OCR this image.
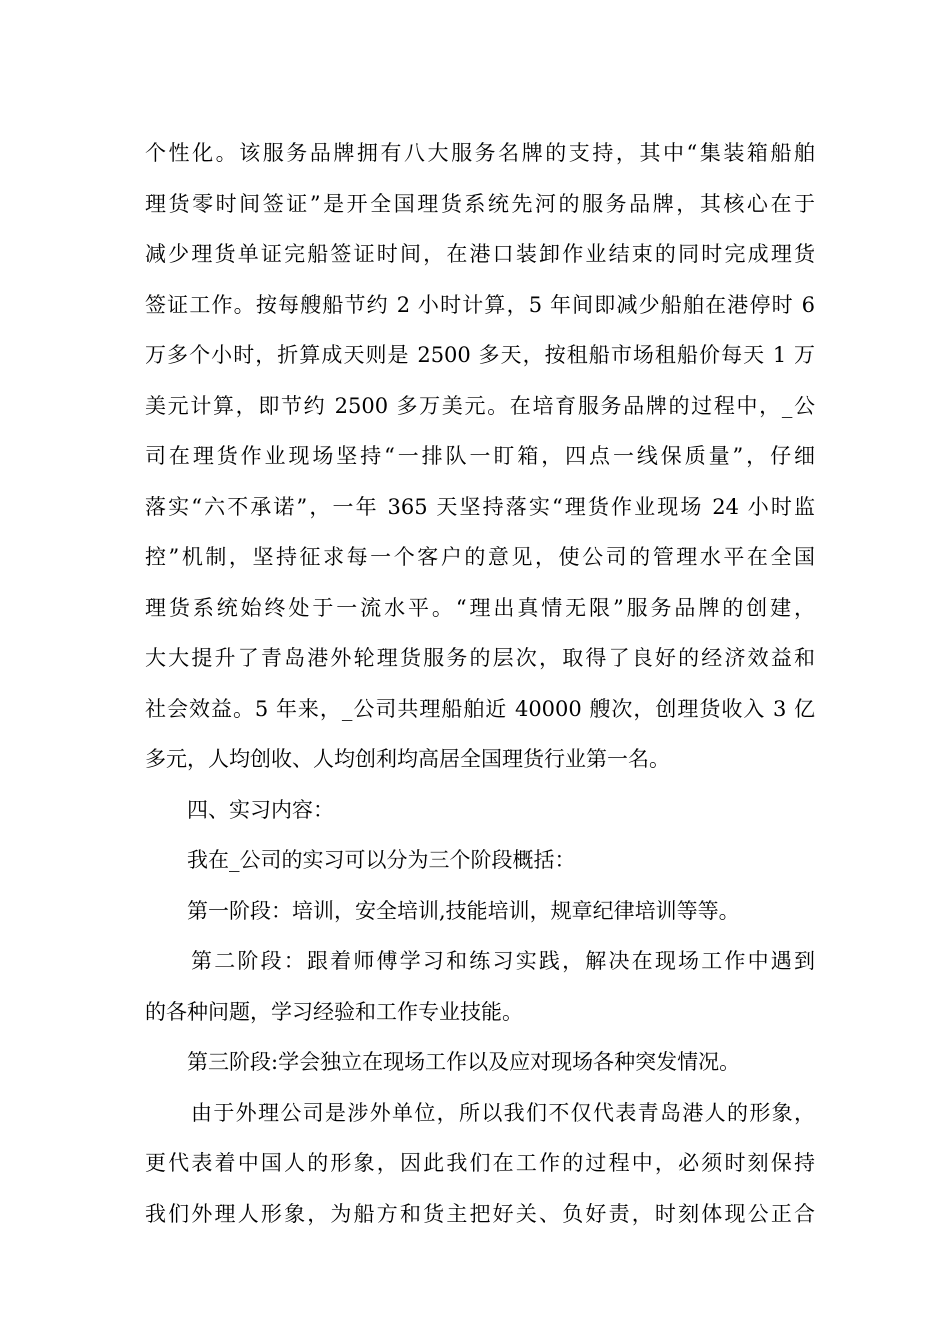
个性化。该服务品牌拥有八大服务名牌的支持，其中“集装箱船舶
理货零时间签证”是开全国理货系统先河的服务品牌，其核心在于
减少理货单证完船签证时间，在港口装卸作业结束的同时完成理货
签证工作。按每艘船节约 2 小时计算，5 年间即减少船舶在港停时 6
万多个小时，折算成天则是 2500 多天，按租船市场租船价每天 1 万
美元计算，即节约 2500 多万美元。在培育服务品牌的过程中，_公
司在理货作业现场坚持“一排队一盯箱，四点一线保质量”，仔细
落实“六不承诺”，一年 365 天坚持落实“理货作业现场 24 小时监
控”机制，坚持征求每一个客户的意见，使公司的管理水平在全国
理货系统始终处于一流水平。“理出真情无限”服务品牌的创建，
大大提升了青岛港外轮理货服务的层次，取得了良好的经济效益和
社会效益。5 年来，_公司共理船舶近 40000 艘次，创理货收入 3 亿
多元，人均创收、人均创利均高居全国理货行业第一名。
四、实习内容：
我在_公司的实习可以分为三个阶段概括：
第一阶段：培训，安全培训,技能培训，规章纪律培训等等。
第二阶段：跟着师傅学习和练习实践，解决在现场工作中遇到
的各种问题，学习经验和工作专业技能。
第三阶段:学会独立在现场工作以及应对现场各种突发情况。
由于外理公司是涉外单位，所以我们不仅代表青岛港人的形象，
更代表着中国人的形象，因此我们在工作的过程中，必须时刻保持
我们外理人形象，为船方和货主把好关、负好责，时刻体现公正合
